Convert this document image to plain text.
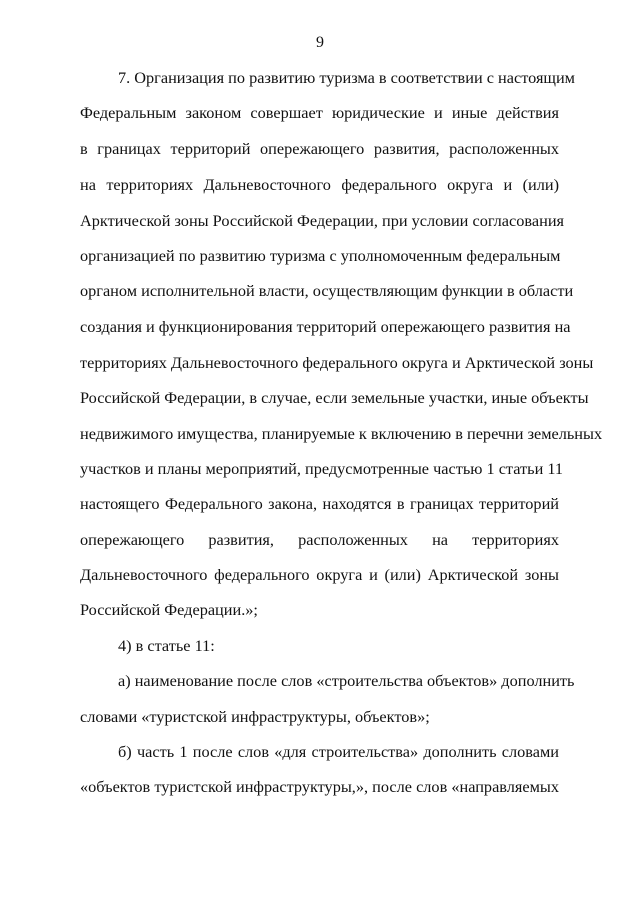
9
7. Организация по развитию туризма в соответствии с настоящим
Федеральным законом совершает юридические и иные действия
в границах территорий опережающего развития, расположенных
на территориях Дальневосточного федерального округа и (или)
Арктической зоны Российской Федерации, при условии согласования
организацией по развитию туризма с уполномоченным федеральным
органом исполнительной власти, осуществляющим функции в области
создания и функционирования территорий опережающего развития на
территориях Дальневосточного федерального округа и Арктической зоны
Российской Федерации, в случае, если земельные участки, иные объекты
недвижимого имущества, планируемые к включению в перечни земельных
участков и планы мероприятий, предусмотренные частью 1 статьи 11
настоящего Федерального закона, находятся в границах территорий
опережающего развития, расположенных на территориях
Дальневосточного федерального округа и (или) Арктической зоны
Российской Федерации.»;
4) в статье 11:
а) наименование после слов «строительства объектов» дополнить
словами «туристской инфраструктуры, объектов»;
б) часть 1 после слов «для строительства» дополнить словами
«объектов туристской инфраструктуры,», после слов «направляемых
